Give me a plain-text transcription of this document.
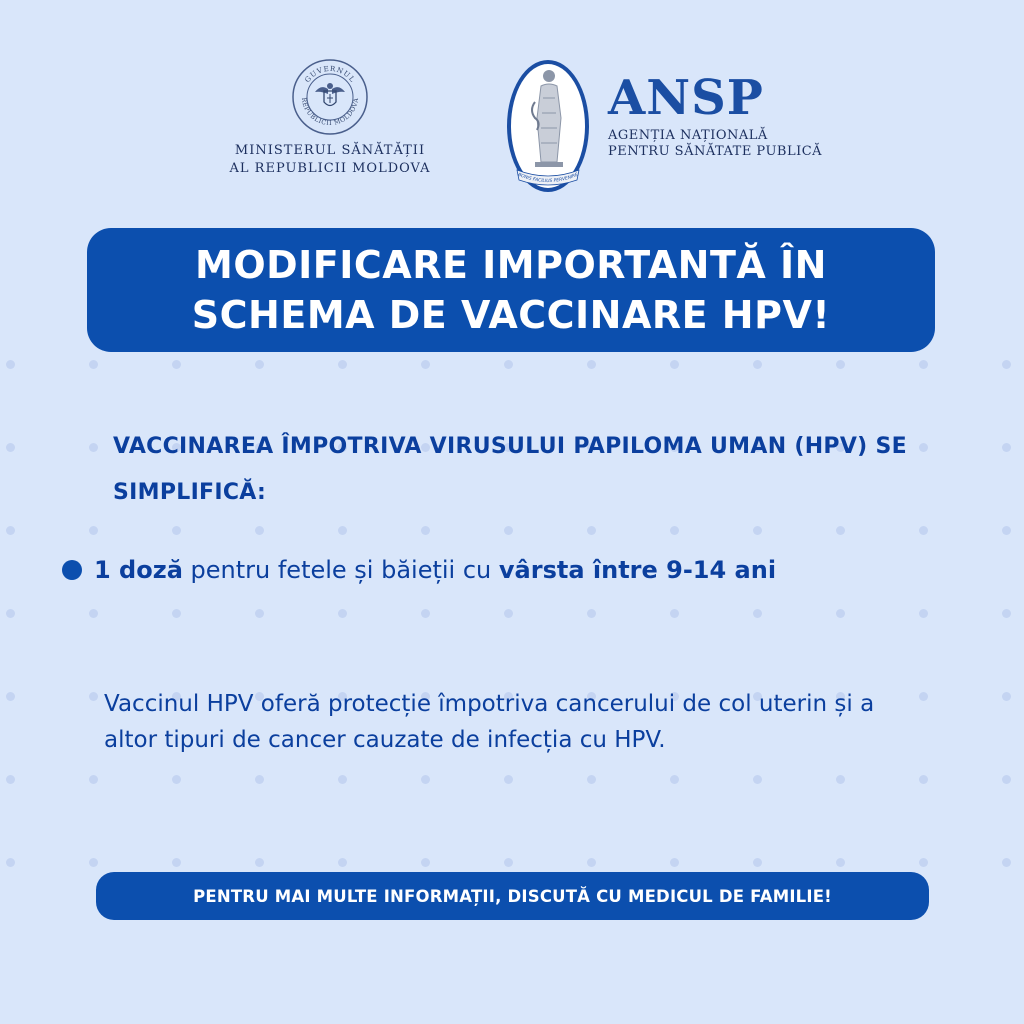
GUVERNUL
REPUBLICII MOLDOVA
MINISTERUL SĂNĂTĂȚII
AL REPUBLICII MOLDOVA	BONIS FACILIUS PERVENIRE
ANSP
AGENȚIA NAȚIONALĂ
PENTRU SĂNĂTATE PUBLICĂ
MODIFICARE IMPORTANTĂ ÎN
SCHEMA DE VACCINARE HPV!
VACCINAREA ÎMPOTRIVA VIRUSULUI PAPILOMA UMAN (HPV) SE SIMPLIFICĂ:
1 doză pentru fetele și băieții cu vârsta între 9-14 ani
Vaccinul HPV oferă protecție împotriva cancerului de col uterin și a altor tipuri de cancer cauzate de infecția cu HPV.
PENTRU MAI MULTE INFORMAȚII, DISCUTĂ CU MEDICUL DE FAMILIE!
